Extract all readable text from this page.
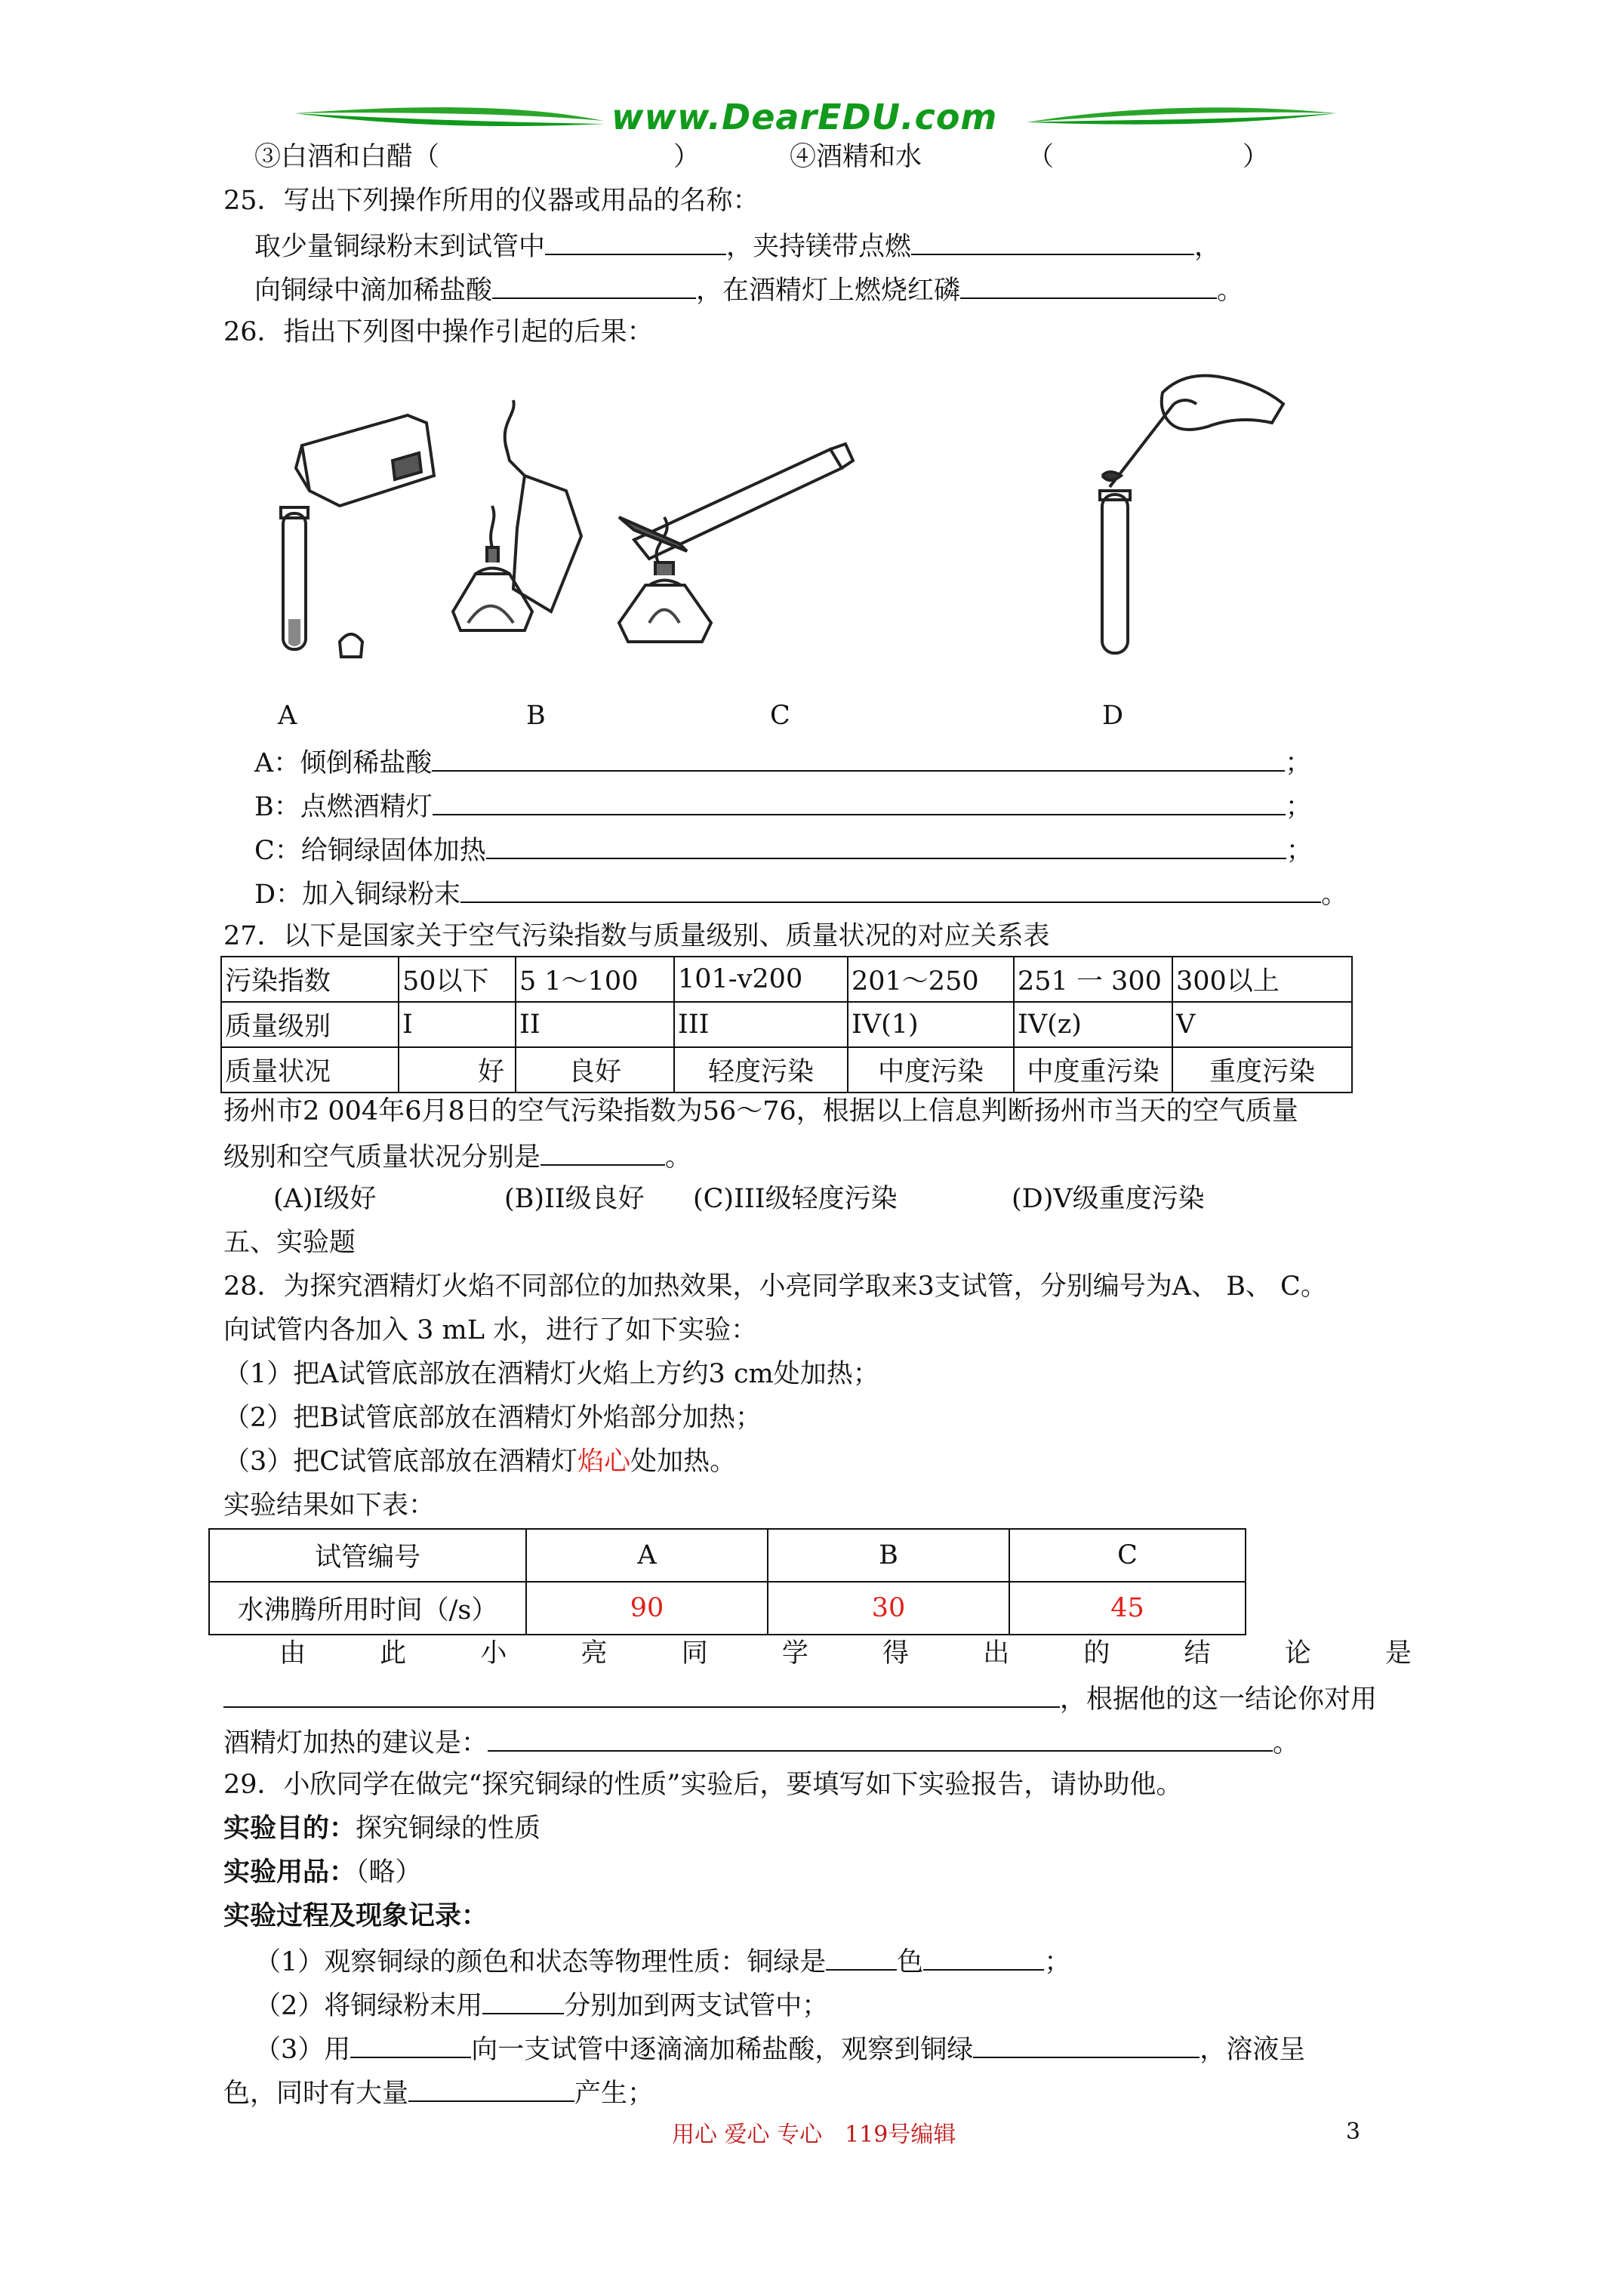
www.DearEDU.com
③白酒和白醋（	）	④酒精和水	（	）
25．写出下列操作所用的仪器或用品的名称：
取少量铜绿粉末到试管中	，夹持镁带点燃	，
向铜绿中滴加稀盐酸	，在酒精灯上燃烧红磷	。
26．指出下列图中操作引起的后果：
A	B	C	D
A：倾倒稀盐酸	；
B：点燃酒精灯	；
C：给铜绿固体加热	；
D：加入铜绿粉末	。
27．以下是国家关于空气污染指数与质量级别、质量状况的对应关系表
污染指数	50以下	5 1～100	101-v200	201～250	251 一 300	300以上
质量级别	I	II	III	IV(1)	IV(z)	V
质量状况	好	良好	轻度污染	中度污染	中度重污染	重度污染
扬州市2 004年6月8日的空气污染指数为56～76，根据以上信息判断扬州市当天的空气质量
级别和空气质量状况分别是	。
(A)I级好	(B)II级良好 (C)III级轻度污染	(D)V级重度污染
五、实验题
28．为探究酒精灯火焰不同部位的加热效果，小亮同学取来3支试管，分别编号为A、 B、 C。
向试管内各加入 3 mL 水，进行了如下实验：
（1）把A试管底部放在酒精灯火焰上方约3 cm处加热；
（2）把B试管底部放在酒精灯外焰部分加热；
（3）把C试管底部放在酒精灯焰心处加热。
实验结果如下表：
试管编号	A	B	C
水沸腾所用时间（/s）	90	30	45
由	此	小	亮	同	学	得	出	的	结	论	是
，根据他的这一结论你对用
酒精灯加热的建议是：	。
29．小欣同学在做完“探究铜绿的性质”实验后，要填写如下实验报告，请协助他。
实验目的：探究铜绿的性质
实验用品：（略）
实验过程及现象记录：
（1）观察铜绿的颜色和状态等物理性质：铜绿是	色	；
（2）将铜绿粉末用	分别加到两支试管中；
（3）用	向一支试管中逐滴滴加稀盐酸，观察到铜绿	，溶液呈
色，同时有大量	产生；
用心 爱心 专心　119号编辑	3
